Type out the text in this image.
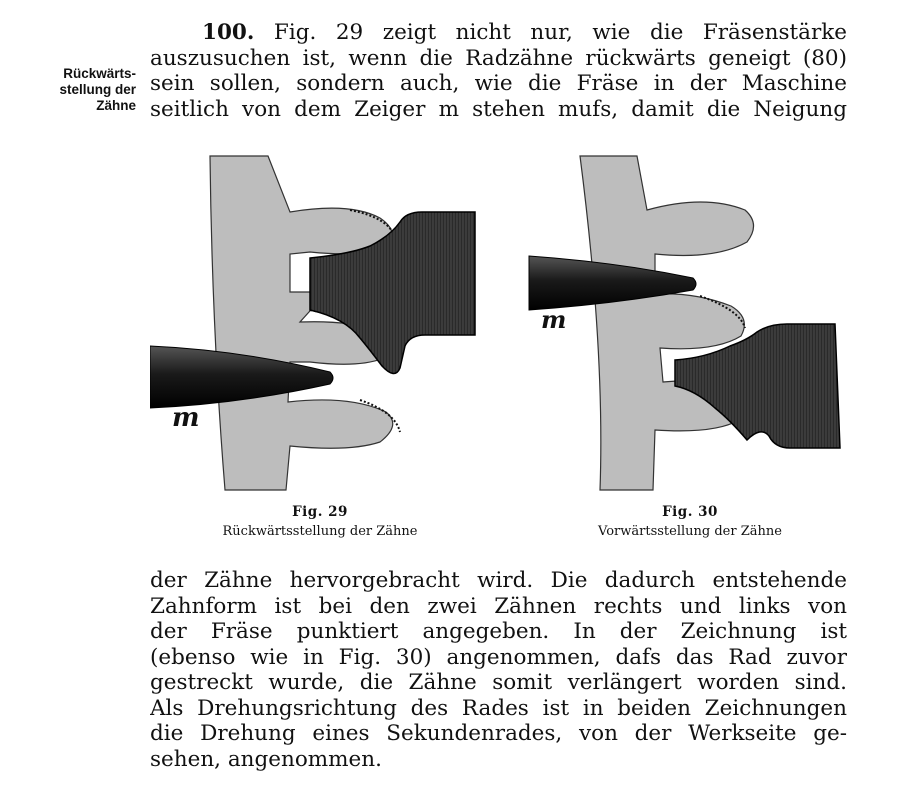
Rückwärts-
stellung der
Zähne
100. Fig. 29 zeigt nicht nur, wie die Fräsenstärke
auszusuchen ist, wenn die Radzähne rückwärts geneigt (80)
sein sollen, sondern auch, wie die Fräse in der Maschine
seitlich von dem Zeiger m stehen mufs, damit die Neigung
m
m
Fig. 29
Rückwärtsstellung der Zähne
Fig. 30
Vorwärtsstellung der Zähne
der Zähne hervorgebracht wird. Die dadurch entstehende
Zahnform ist bei den zwei Zähnen rechts und links von
der Fräse punktiert angegeben. In der Zeichnung ist
(ebenso wie in Fig. 30) angenommen, dafs das Rad zuvor
gestreckt wurde, die Zähne somit verlängert worden sind.
Als Drehungsrichtung des Rades ist in beiden Zeichnungen
die Drehung eines Sekundenrades, von der Werkseite ge-
sehen, angenommen.
